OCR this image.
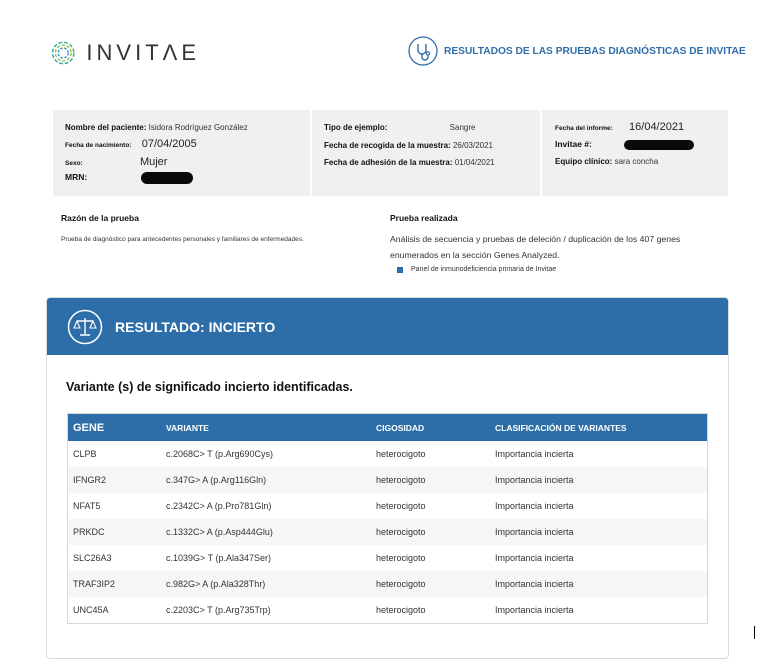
INVITΛE	RESULTADOS DE LAS PRUEBAS DIAGNÓSTICAS DE INVITAE
Nombre del paciente: Isidora Rodríguez González
Fecha de nacimiento: 07/04/2005
Sexo:	Mujer
MRN:
Tipo de ejemplo:	Sangre
Fecha de recogida de la muestra: 26/03/2021
Fecha de adhesión de la muestra: 01/04/2021
Fecha del informe: 16/04/2021
Invitae #:
Equipo clínico: sara concha
Razón de la prueba
Prueba de diagnóstico para antecedentes personales y familiares de enfermedades.
Prueba realizada
Análisis de secuencia y pruebas de deleción / duplicación de los 407 genes enumerados en la sección Genes Analyzed.
Panel de inmunodeficiencia primaria de Invitae
RESULTADO: INCIERTO
Variante (s) de significado incierto identificadas.
GENE	VARIANTE	CIGOSIDAD	CLASIFICACIÓN DE VARIANTES
CLPB	c.2068C> T (p.Arg690Cys)	heterocigoto	Importancia incierta
IFNGR2	c.347G> A (p.Arg116Gln)	heterocigoto	Importancia incierta
NFAT5	c.2342C> A (p.Pro781Gln)	heterocigoto	Importancia incierta
PRKDC	c.1332C> A (p.Asp444Glu)	heterocigoto	Importancia incierta
SLC26A3	c.1039G> T (p.Ala347Ser)	heterocigoto	Importancia incierta
TRAF3IP2	c.982G> A (p.Ala328Thr)	heterocigoto	Importancia incierta
UNC45A	c.2203C> T (p.Arg735Trp)	heterocigoto	Importancia incierta
